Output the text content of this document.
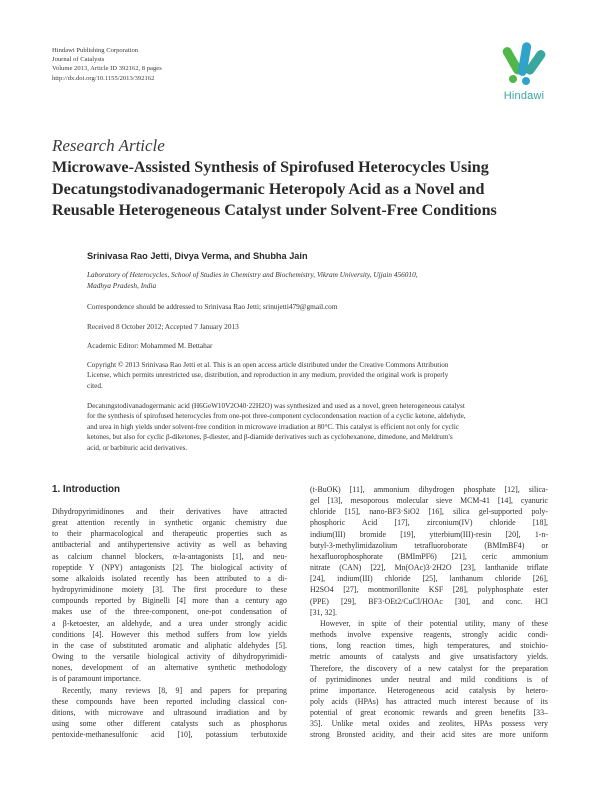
Hindawi Publishing Corporation
Journal of Catalysts
Volume 2013, Article ID 392162, 8 pages
http://dx.doi.org/10.1155/2013/392162
Hindawi
Research Article
Microwave-Assisted Synthesis of Spirofused Heterocycles Using
Decatungstodivanadogermanic Heteropoly Acid as a Novel and
Reusable Heterogeneous Catalyst under Solvent-Free Conditions
Srinivasa Rao Jetti, Divya Verma, and Shubha Jain
Laboratory of Heterocycles, School of Studies in Chemistry and Biochemistry, Vikram University, Ujjain 456010,
Madhya Pradesh, India
Correspondence should be addressed to Srinivasa Rao Jetti; srinujetti479@gmail.com
Received 8 October 2012; Accepted 7 January 2013
Academic Editor: Mohammed M. Bettahar
Copyright © 2013 Srinivasa Rao Jetti et al. This is an open access article distributed under the Creative Commons Attribution
License, which permits unrestricted use, distribution, and reproduction in any medium, provided the original work is properly
cited.
Decatungstodivanadogermanic acid (H6GeW10V2O40·22H2O) was synthesized and used as a novel, green heterogeneous catalyst
for the synthesis of spirofused heterocycles from one-pot three-component cyclocondensation reaction of a cyclic ketone, aldehyde,
and urea in high yields under solvent-free condition in microwave irradiation at 80°C. This catalyst is efficient not only for cyclic
ketones, but also for cyclic β-diketones, β-diester, and β-diamide derivatives such as cyclohexanone, dimedone, and Meldrum's
acid, or barbituric acid derivatives.
1. Introduction
Dihydropyrimidinones and their derivatives have attracted
great attention recently in synthetic organic chemistry due
to their pharmacological and therapeutic properties such as
antibacterial and antihypertensive activity as well as behaving
as calcium channel blockers, α-la-antagonists [1], and neu-
ropeptide Y (NPY) antagonists [2]. The biological activity of
some alkaloids isolated recently has been attributed to a di-
hydropyrimidinone moiety [3]. The first procedure to these
compounds reported by Biginelli [4] more than a century ago
makes use of the three-component, one-pot condensation of
a β-ketoester, an aldehyde, and a urea under strongly acidic
conditions [4]. However this method suffers from low yields
in the case of substituted aromatic and aliphatic aldehydes [5].
Owing to the versatile biological activity of dihydropyrimidi-
nones, development of an alternative synthetic methodology
is of paramount importance.
Recently, many reviews [8, 9] and papers for preparing
these compounds have been reported including classical con-
ditions, with microwave and ultrasound irradiation and by
using some other different catalysts such as phosphorus
pentoxide-methanesulfonic acid [10], potassium terbutoxide
(t-BuOK) [11], ammonium dihydrogen phosphate [12], silica-
gel [13], mesoporous molecular sieve MCM-41 [14], cyanuric
chloride [15], nano-BF3·SiO2 [16], silica gel-supported poly-
phosphoric Acid [17], zirconium(IV) chloride [18],
indium(III) bromide [19], ytterbium(III)-resin [20], 1-n-
butyl-3-methylimidazolium tetrafluoroborate (BMImBF4) or
hexafluorophosphorate (BMImPF6) [21], ceric ammonium
nitrate (CAN) [22], Mn(OAc)3·2H2O [23], lanthanide triflate
[24], indium(III) chloride [25], lanthanum chloride [26],
H2SO4 [27], montmorillonite KSF [28], polyphosphate ester
(PPE) [29], BF3·OEt2/CuCl/HOAc [30], and conc. HCl
[31, 32].
However, in spite of their potential utility, many of these
methods involve expensive reagents, strongly acidic condi-
tions, long reaction times, high temperatures, and stoichio-
metric amounts of catalysts and give unsatisfactory yields.
Therefore, the discovery of a new catalyst for the preparation
of pyrimidinones under neutral and mild conditions is of
prime importance. Heterogeneous acid catalysis by hetero-
poly acids (HPAs) has attracted much interest because of its
potential of great economic rewards and green benefits [33–
35]. Unlike metal oxides and zeolites, HPAs possess very
strong Bronsted acidity, and their acid sites are more uniform
